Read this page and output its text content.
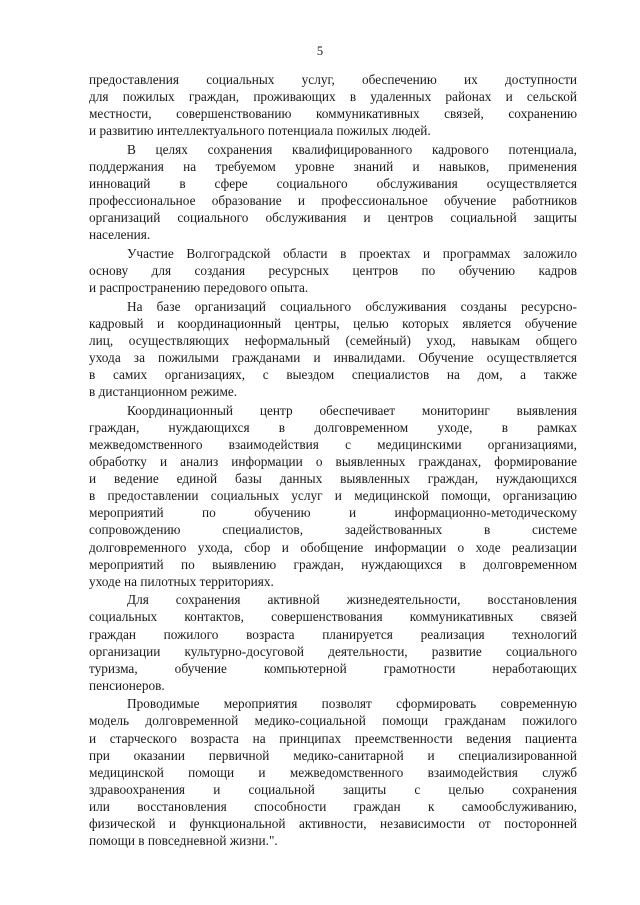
5
предоставления социальных услуг, обеспечению их доступности
для пожилых граждан, проживающих в удаленных районах и сельской
местности, совершенствованию коммуникативных связей, сохранению
и развитию интеллектуального потенциала пожилых людей.
В целях сохранения квалифицированного кадрового потенциала,
поддержания на требуемом уровне знаний и навыков, применения
инноваций в сфере социального обслуживания осуществляется
профессиональное образование и профессиональное обучение работников
организаций социального обслуживания и центров социальной защиты
населения.
Участие Волгоградской области в проектах и программах заложило
основу для создания ресурсных центров по обучению кадров
и распространению передового опыта.
На базе организаций социального обслуживания созданы ресурсно-
кадровый и координационный центры, целью которых является обучение
лиц, осуществляющих неформальный (семейный) уход, навыкам общего
ухода за пожилыми гражданами и инвалидами. Обучение осуществляется
в самих организациях, с выездом специалистов на дом, а также
в дистанционном режиме.
Координационный центр обеспечивает мониторинг выявления
граждан, нуждающихся в долговременном уходе, в рамках
межведомственного взаимодействия с медицинскими организациями,
обработку и анализ информации о выявленных гражданах, формирование
и ведение единой базы данных выявленных граждан, нуждающихся
в предоставлении социальных услуг и медицинской помощи, организацию
мероприятий по обучению и информационно-методическому
сопровождению специалистов, задействованных в системе
долговременного ухода, сбор и обобщение информации о ходе реализации
мероприятий по выявлению граждан, нуждающихся в долговременном
уходе на пилотных территориях.
Для сохранения активной жизнедеятельности, восстановления
социальных контактов, совершенствования коммуникативных связей
граждан пожилого возраста планируется реализация технологий
организации культурно-досуговой деятельности, развитие социального
туризма, обучение компьютерной грамотности неработающих
пенсионеров.
Проводимые мероприятия позволят сформировать современную
модель долговременной медико-социальной помощи гражданам пожилого
и старческого возраста на принципах преемственности ведения пациента
при оказании первичной медико-санитарной и специализированной
медицинской помощи и межведомственного взаимодействия служб
здравоохранения и социальной защиты с целью сохранения
или восстановления способности граждан к самообслуживанию,
физической и функциональной активности, независимости от посторонней
помощи в повседневной жизни.".
